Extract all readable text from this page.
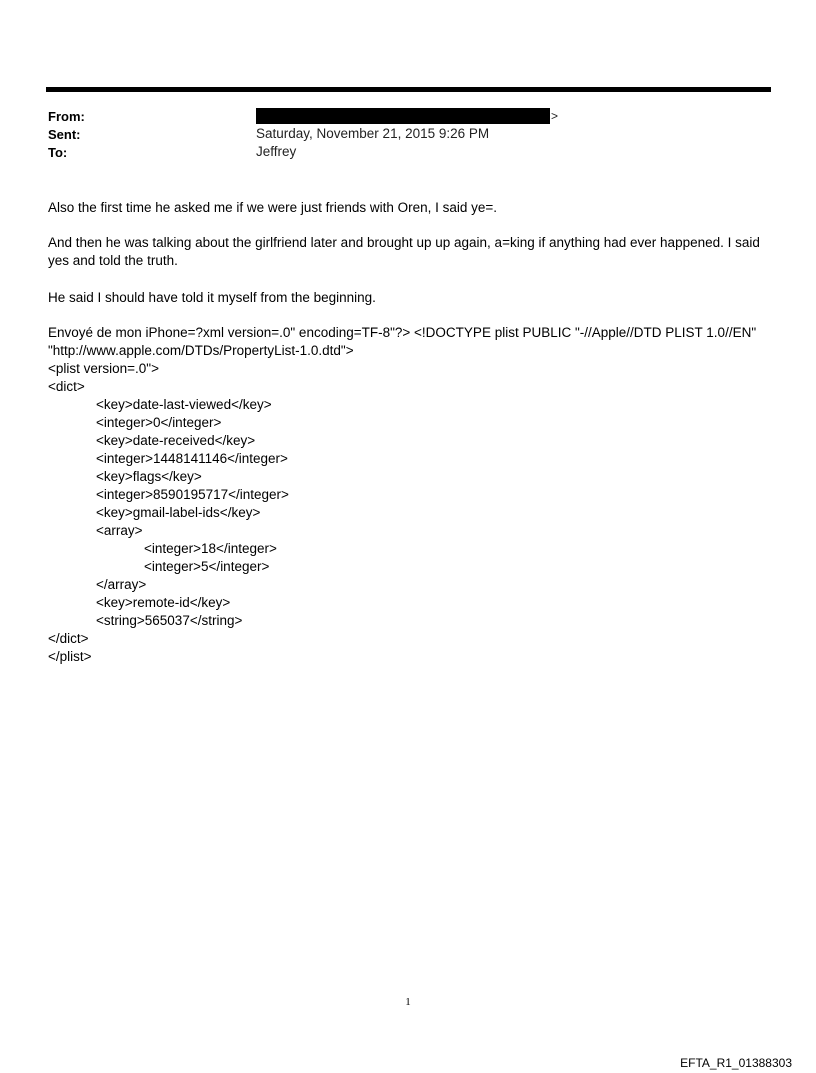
From:	>
Sent:	Saturday, November 21, 2015 9:26 PM
To:	Jeffrey
Also the first time he asked me if we were just friends with Oren, I said ye=.
And then he was talking about the girlfriend later and brought up up again, a=king if anything had ever happened. I said yes and told the truth.
He said I should have told it myself from the beginning.
Envoyé de mon iPhone=?xml version=.0" encoding=TF-8"?> <!DOCTYPE plist PUBLIC "-//Apple//DTD PLIST 1.0//EN"
"http://www.apple.com/DTDs/PropertyList-1.0.dtd">
<plist version=.0">
<dict>
<key>date-last-viewed</key>
<integer>0</integer>
<key>date-received</key>
<integer>1448141146</integer>
<key>flags</key>
<integer>8590195717</integer>
<key>gmail-label-ids</key>
<array>
<integer>18</integer>
<integer>5</integer>
</array>
<key>remote-id</key>
<string>565037</string>
</dict>
</plist>
1
EFTA_R1_01388303
